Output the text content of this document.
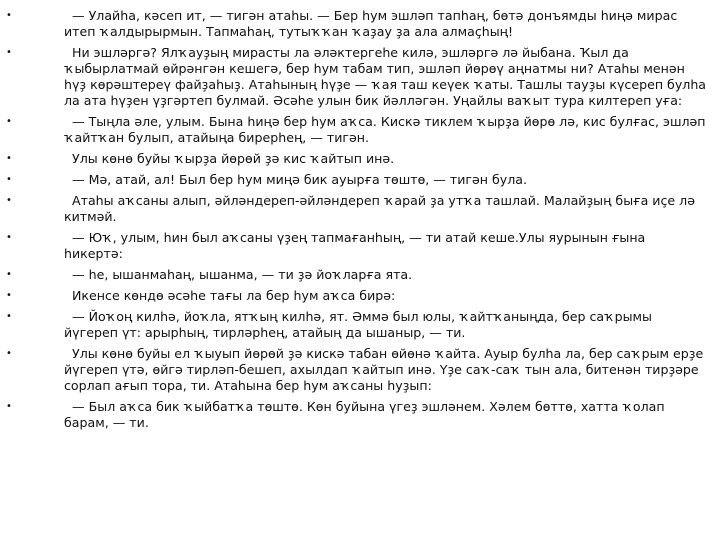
•	— Улайһа, кәсеп ит, — тигән атаһы. — Бер һум эшләп тапһаң, бөтә донъямды һиңә мирас итеп ҡалдырырмын. Тапмаһаң, тутыҡҡан ҡаҙау ҙа ала алмаҫһың!
•	Ни эшләргә? Ялҡауҙың мирасты ла әләктергеһе килә, эшләргә лә йыбана. Ҡыл да ҡыбырлатмай өйрәнгән кешегә, бер һум табам тип, эшләп йөрөү аңнатмы ни? Атаһы менән һүҙ көрәштереү файҙаһыҙ. Атаһының һүҙе — ҡая таш кеүек ҡаты. Ташлы тауҙы күсереп булһа ла ата һүҙен үҙгәртеп булмай. Әсәһе улын бик йәлләгән. Уңайлы ваҡыт тура килтереп уға:
•	— Тыңла әле, улым. Бына һиңә бер һум аҡса. Кискә тиклем ҡырҙа йөрө лә, кис булғас, эшләп ҡайтҡан булып, атайыңа бирерһең, — тигән.
•	Улы көнө буйы ҡырҙа йөрөй ҙә кис ҡайтып инә.
•	— Мә, атай, ал! Был бер һум миңә бик ауырға төштө, — тигән була.
•	Атаһы аҡсаны алып, әйләндереп-әйләндереп ҡарай ҙа утҡа ташлай. Малайҙың быға иҫе лә китмәй.
•	— Юҡ, улым, һин был аҡсаны үҙең тапмағанһың, — ти атай кеше.Улы яурынын ғына һикертә:
•	— һе, ышанмаһаң, ышанма, — ти ҙә йоҡларға ята.
•	Икенсе көндө әсәһе тағы ла бер һум аҡса бирә:
•	— Йоҡоң килһә, йоҡла, ятҡың килһә, ят. Әммә был юлы, ҡайтҡаныңда, бер саҡрымы йүгереп үт: арырһың, тирләрһең, атайың да ышаныр, — ти.
•	Улы көнө буйы ел ҡыуып йөрөй ҙә кискә табан өйөнә ҡайта. Ауыр булһа ла, бер саҡрым ерҙе йүгереп үтә, өйгә тирләп-бешеп, ахылдап ҡайтып инә. Үҙе саҡ-саҡ тын ала, битенән тирҙәре сорлап ағып тора, ти. Атаһына бер һум аҡсаны һуҙып:
•	— Был аҡса бик ҡыйбатҡа төштө. Көн буйына үгеҙ эшләнем. Хәлем бөттө, хатта ҡолап барам, — ти.
